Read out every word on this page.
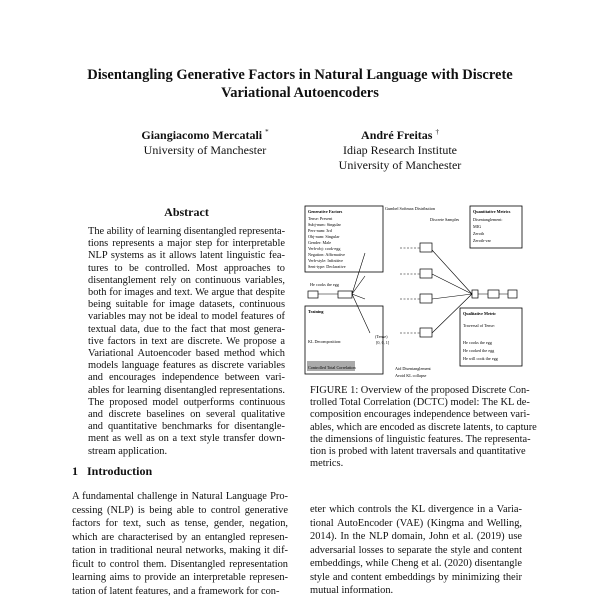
Disentangling Generative Factors in Natural Language with Discrete
Variational Autoencoders
Giangiacomo Mercatali *
University of Manchester
André Freitas †
Idiap Research Institute
University of Manchester
Abstract
The ability of learning disentangled representa-
tions represents a major step for interpretable
NLP systems as it allows latent linguistic fea-
tures to be controlled. Most approaches to
disentanglement rely on continuous variables,
both for images and text. We argue that despite
being suitable for image datasets, continuous
variables may not be ideal to model features of
textual data, due to the fact that most genera-
tive factors in text are discrete. We propose a
Variational Autoencoder based method which
models language features as discrete variables
and encourages independence between vari-
ables for learning disentangled representations.
The proposed model outperforms continuous
and discrete baselines on several qualitative
and quantitative benchmarks for disentangle-
ment as well as on a text style transfer down-
stream application.
1 Introduction
A fundamental challenge in Natural Language Pro-
cessing (NLP) is being able to control generative
factors for text, such as tense, gender, negation,
which are characterised by an entangled represen-
tation in traditional neural networks, making it dif-
ficult to control them. Disentangled representation
learning aims to provide an interpretable represen-
tation of latent features, and a framework for con-
Generative Factors
Tense: Present
Subj-num: Singular
Pers-num: 3rd
Obj-num: Singular
Gender: Male
Verb-obj: cook-egg
Negation: Affirmative
Verb-style: Infinitive
Sent-type: Declarative
Gumbel Softmax Distribution
Discrete Samples
Quantitative Metrics
Disentanglement:
MIG
Zeroth
Zeroth-var
He cooks the egg
Training
KL Decomposition:
Controlled Total Correlation
(Tense)
[0, 0, 1]
Aid Disentanglement
Avoid KL collapse
Qualitative Metric
Traversal of Tense:
He cooks the egg
He cooked the egg
He will cook the egg
FIGURE 1: Overview of the proposed Discrete Con-
trolled Total Correlation (DCTC) model: The KL de-
composition encourages independence between vari-
ables, which are encoded as discrete latents, to capture
the dimensions of linguistic features. The representa-
tion is probed with latent traversals and quantitative
metrics.
eter which controls the KL divergence in a Varia-
tional AutoEncoder (VAE) (Kingma and Welling,
2014). In the NLP domain, John et al. (2019) use
adversarial losses to separate the style and content
embeddings, while Cheng et al. (2020) disentangle
style and content embeddings by minimizing their
mutual information.
